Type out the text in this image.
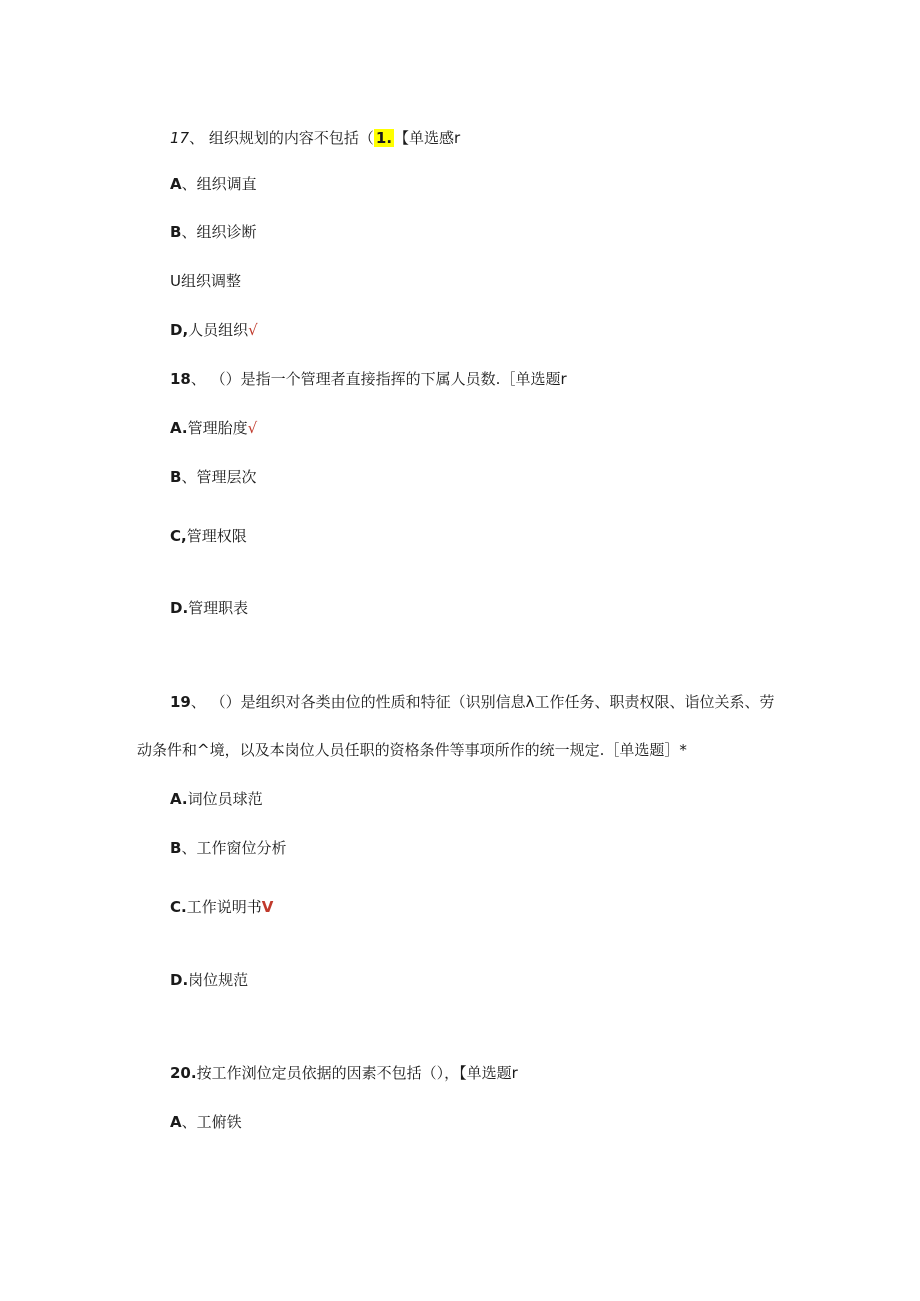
17、 组织规划的内容不包括（ 1. 【单选感r
A、组织调直
B、组织诊断
U组织调整
D,人员组织√
18、 （）是指一个管理者直接指挥的下属人员数.［单选题r
A.管理胎度√
B、管理层次
C,管理权限
D.管理职表
19、 （）是组织对各类由位的性质和特征（识别信息λ工作任务、职责权限、诣位关系、劳
动条件和^境，以及本岗位人员任职的资格条件等事项所作的统一规定.［单选题］*
A.词位员球范
B、工作窗位分析
C.工作说明书V
D.岗位规范
20.按工作浏位定员依据的因素不包括（），【单选题r
A、工俯铁
